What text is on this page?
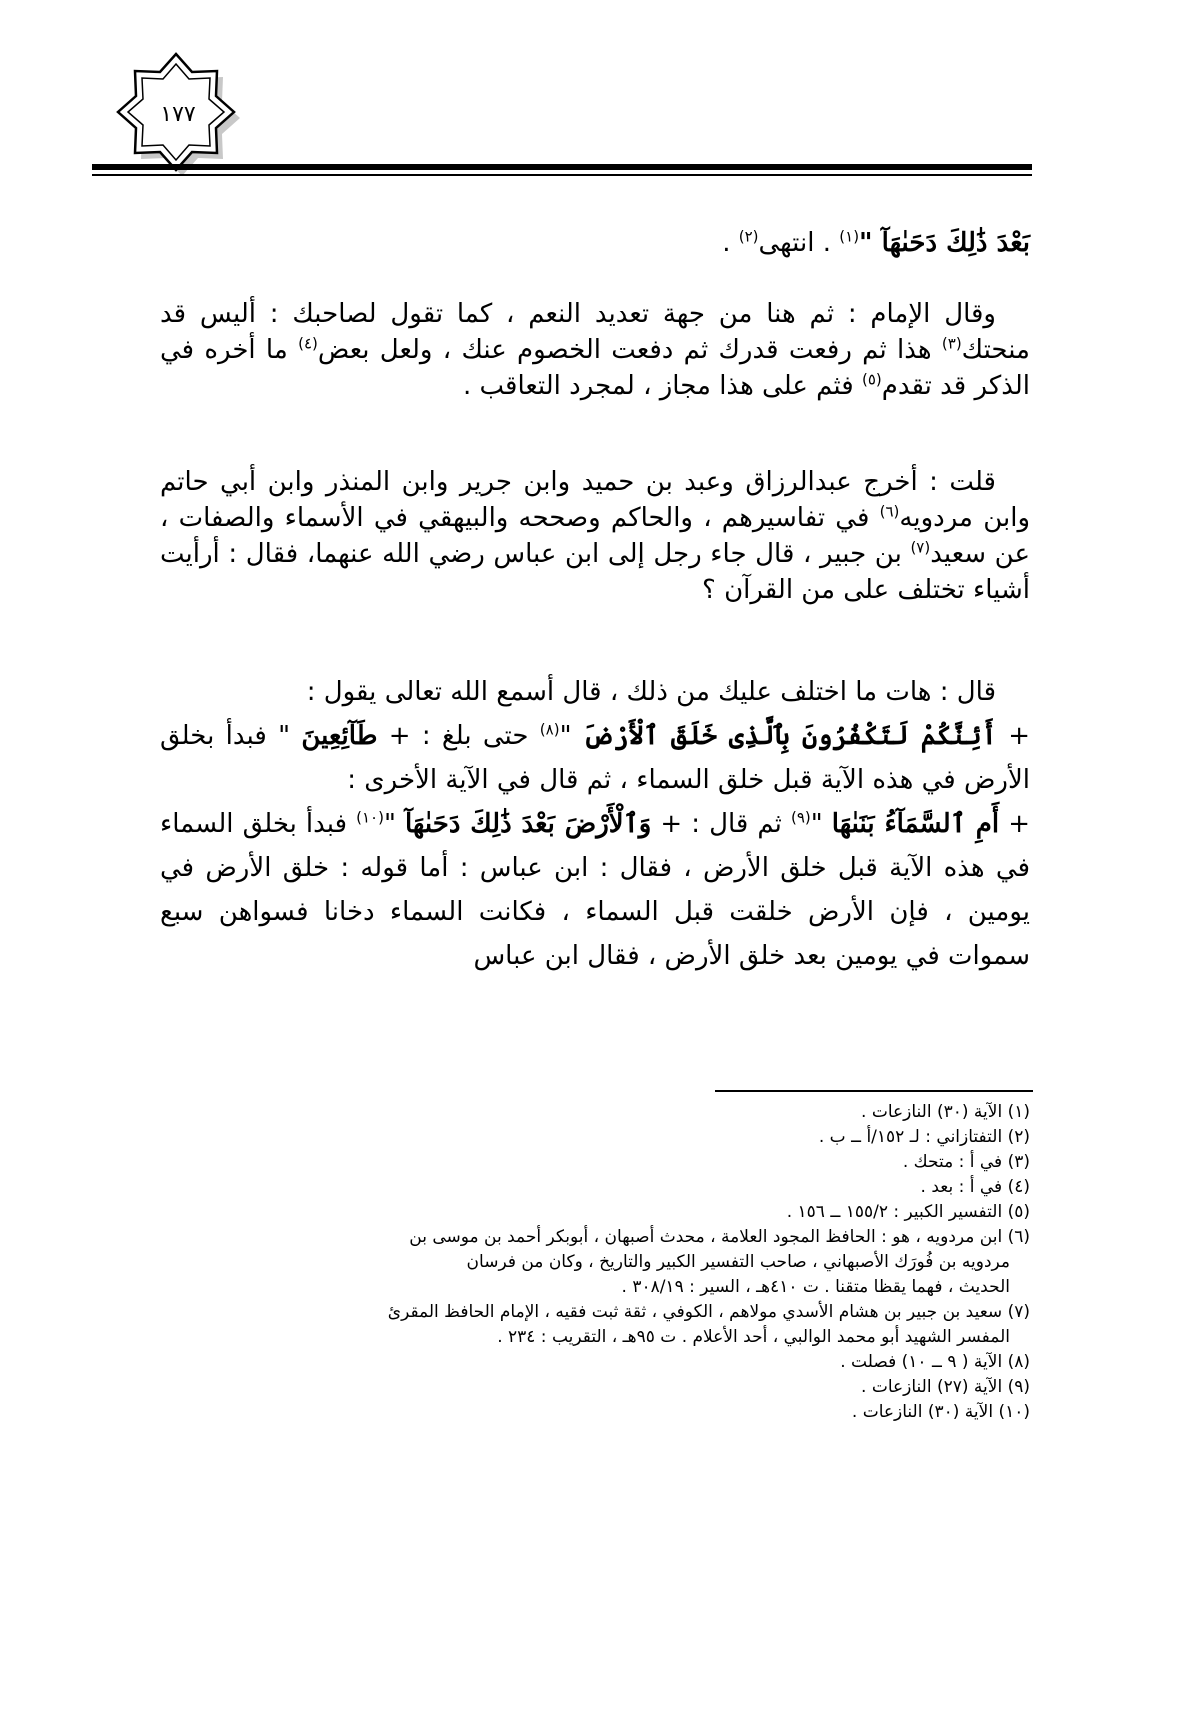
١٧٧
بَعْدَ ذَٰلِكَ دَحَىٰهَآ "$^{(١)}$ . انتهى$^{(٢)}$ .
وقال الإمام : ثم هنا من جهة تعديد النعم ، كما تقول لصاحبك : أليس قد منحتك$^{(٣)}$ هذا ثم رفعت قدرك ثم دفعت الخصوم عنك ، ولعل بعض$^{(٤)}$ ما أخره في الذكر قد تقدم$^{(٥)}$ فثم على هذا مجاز ، لمجرد التعاقب .
قلت : أخرج عبدالرزاق وعبد بن حميد وابن جرير وابن المنذر وابن أبي حاتم وابن مردويه$^{(٦)}$ في تفاسيرهم ، والحاكم وصححه والبيهقي في الأسماء والصفات ، عن سعيد$^{(٧)}$ بن جبير ، قال جاء رجل إلى ابن عباس رضي الله عنهما، فقال : أرأيت أشياء تختلف على من القرآن ؟
قال : هات ما اختلف عليك من ذلك ، قال أسمع الله تعالى يقول :
+ أَئِنَّكُمْ لَتَكْفُرُونَ بِٱلَّذِى خَلَقَ ٱلْأَرْضَ "$^{(٨)}$ حتى بلغ : + طَآئِعِينَ " فبدأ بخلق الأرض في هذه الآية قبل خلق السماء ، ثم قال في الآية الأخرى :
+ أَمِ ٱلسَّمَآءُ بَنَىٰهَا "$^{(٩)}$ ثم قال : + وَٱلْأَرْضَ بَعْدَ ذَٰلِكَ دَحَىٰهَآ "$^{(١٠)}$ فبدأ بخلق السماء في هذه الآية قبل خلق الأرض ، فقال : ابن عباس : أما قوله : خلق الأرض في يومين ، فإن الأرض خلقت قبل السماء ، فكانت السماء دخانا فسواهن سبع سموات في يومين بعد خلق الأرض ، فقال ابن عباس
(١) الآية (٣٠) النازعات .
(٢) التفتازاني : لـ ١٥٢/أ ــ ب .
(٣) في أ : متحك .
(٤) في أ : بعد .
(٥) التفسير الكبير : ١٥٥/٢ ــ ١٥٦ .
(٦) ابن مردويه ، هو : الحافظ المجود العلامة ، محدث أصبهان ، أبوبكر أحمد بن موسى بن
مردويه بن فُورَك الأصبهاني ، صاحب التفسير الكبير والتاريخ ، وكان من فرسان
الحديث ، فهما يقظا متقنا . ت ٤١٠هـ ، السير : ٣٠٨/١٩ .
(٧) سعيد بن جبير بن هشام الأسدي مولاهم ، الكوفي ، ثقة ثبت فقيه ، الإمام الحافظ المقرئ
المفسر الشهيد أبو محمد الوالبي ، أحد الأعلام . ت ٩٥هـ ، التقريب : ٢٣٤ .
(٨) الآية ( ٩ ــ ١٠) فصلت .
(٩) الآية (٢٧) النازعات .
(١٠) الآية (٣٠) النازعات .
